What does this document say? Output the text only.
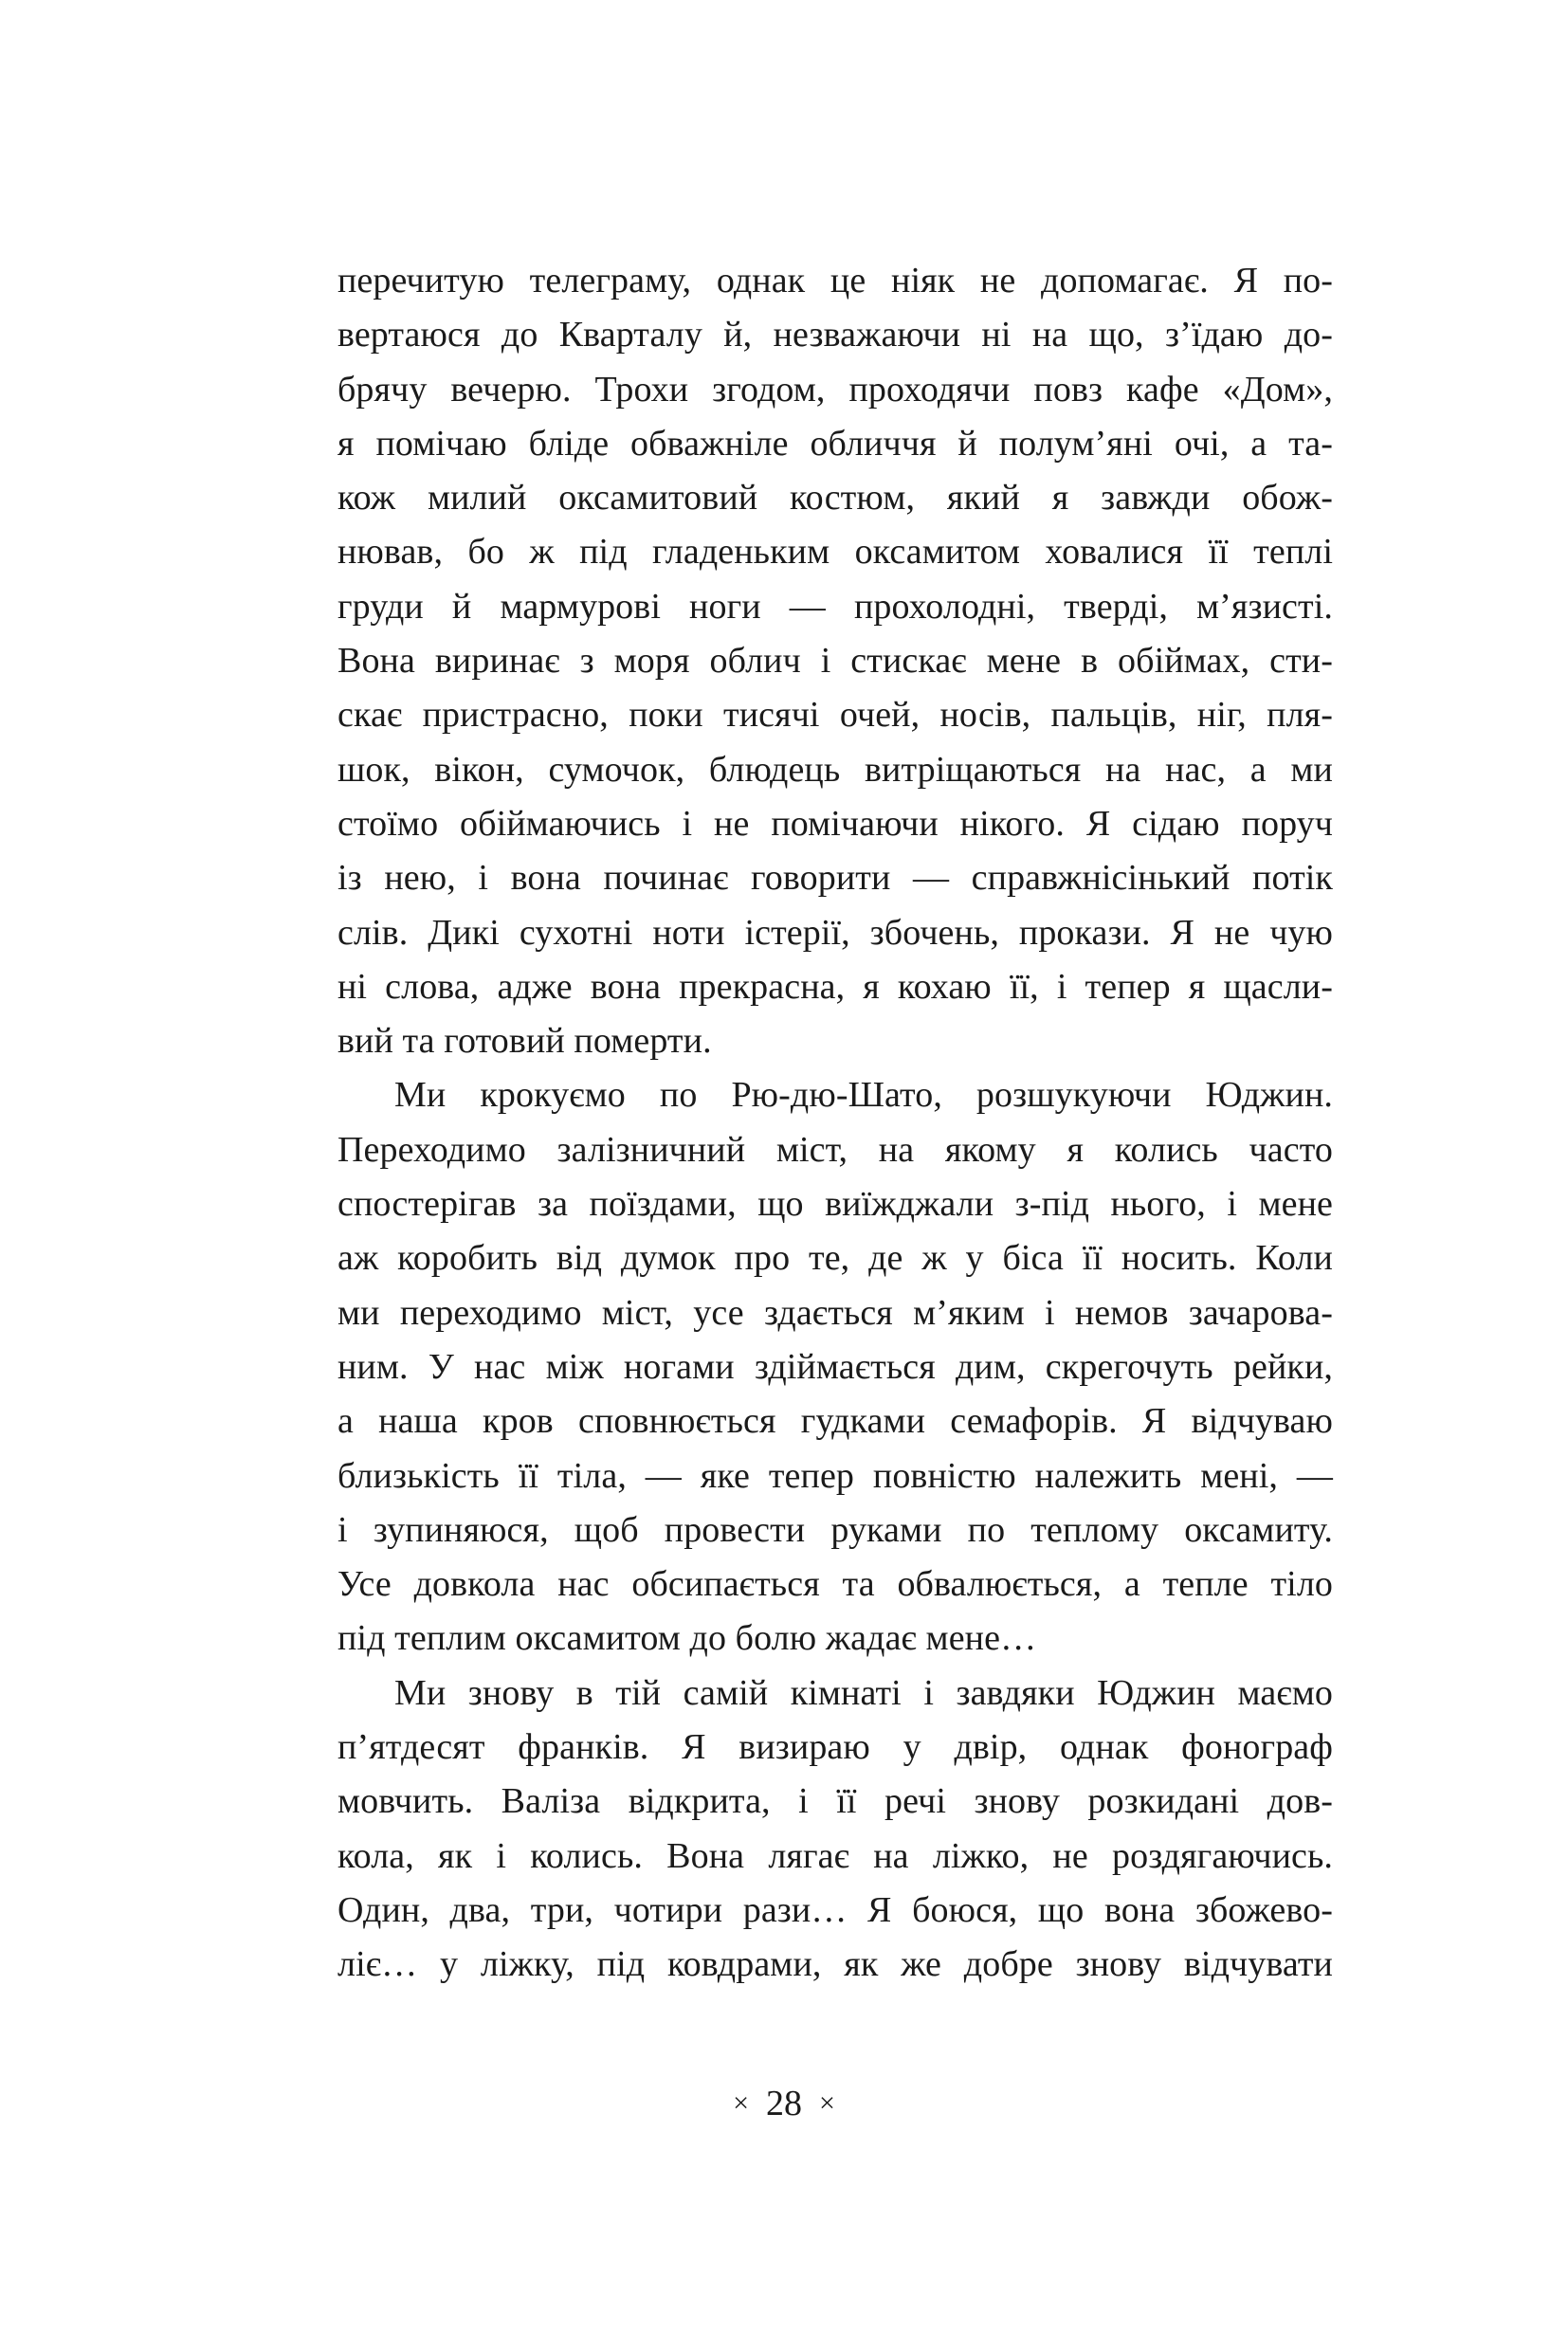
перечитую телеграму, однак це ніяк не допомагає. Я по-
вертаюся до Кварталу й, незважаючи ні на що, з’їдаю до-
брячу вечерю. Трохи згодом, проходячи повз кафе «Дом»,
я помічаю бліде обважніле обличчя й полум’яні очі, а та-
кож милий оксамитовий костюм, який я завжди обож-
нював, бо ж під гладеньким оксамитом ховалися її теплі
груди й мармурові ноги — прохолодні, тверді, м’язисті.
Вона виринає з моря облич і стискає мене в обіймах, сти-
скає пристрасно, поки тисячі очей, носів, пальців, ніг, пля-
шок, вікон, сумочок, блюдець витріщаються на нас, а ми
стоїмо обіймаючись і не помічаючи нікого. Я сідаю поруч
із нею, і вона починає говорити — справжнісінький потік
слів. Дикі сухотні ноти істерії, збочень, прокази. Я не чую
ні слова, адже вона прекрасна, я кохаю її, і тепер я щасли-
вий та готовий померти.
Ми крокуємо по Рю-дю-Шато, розшукуючи Юджин.
Переходимо залізничний міст, на якому я колись часто
спостерігав за поїздами, що виїжджали з-під нього, і мене
аж коробить від думок про те, де ж у біса її носить. Коли
ми переходимо міст, усе здається м’яким і немов зачарова-
ним. У нас між ногами здіймається дим, скрегочуть рейки,
а наша кров сповнюється гудками семафорів. Я відчуваю
близькість її тіла, — яке тепер повністю належить мені, —
і зупиняюся, щоб провести руками по теплому оксамиту.
Усе довкола нас обсипається та обвалюється, а тепле тіло
під теплим оксамитом до болю жадає мене…
Ми знову в тій самій кімнаті і завдяки Юджин маємо
п’ятдесят франків. Я визираю у двір, однак фонограф
мовчить. Валіза відкрита, і її речі знову розкидані дов-
кола, як і колись. Вона лягає на ліжко, не роздягаючись.
Один, два, три, чотири рази… Я боюся, що вона збожево-
ліє… у ліжку, під ковдрами, як же добре знову відчувати
× 28 ×
